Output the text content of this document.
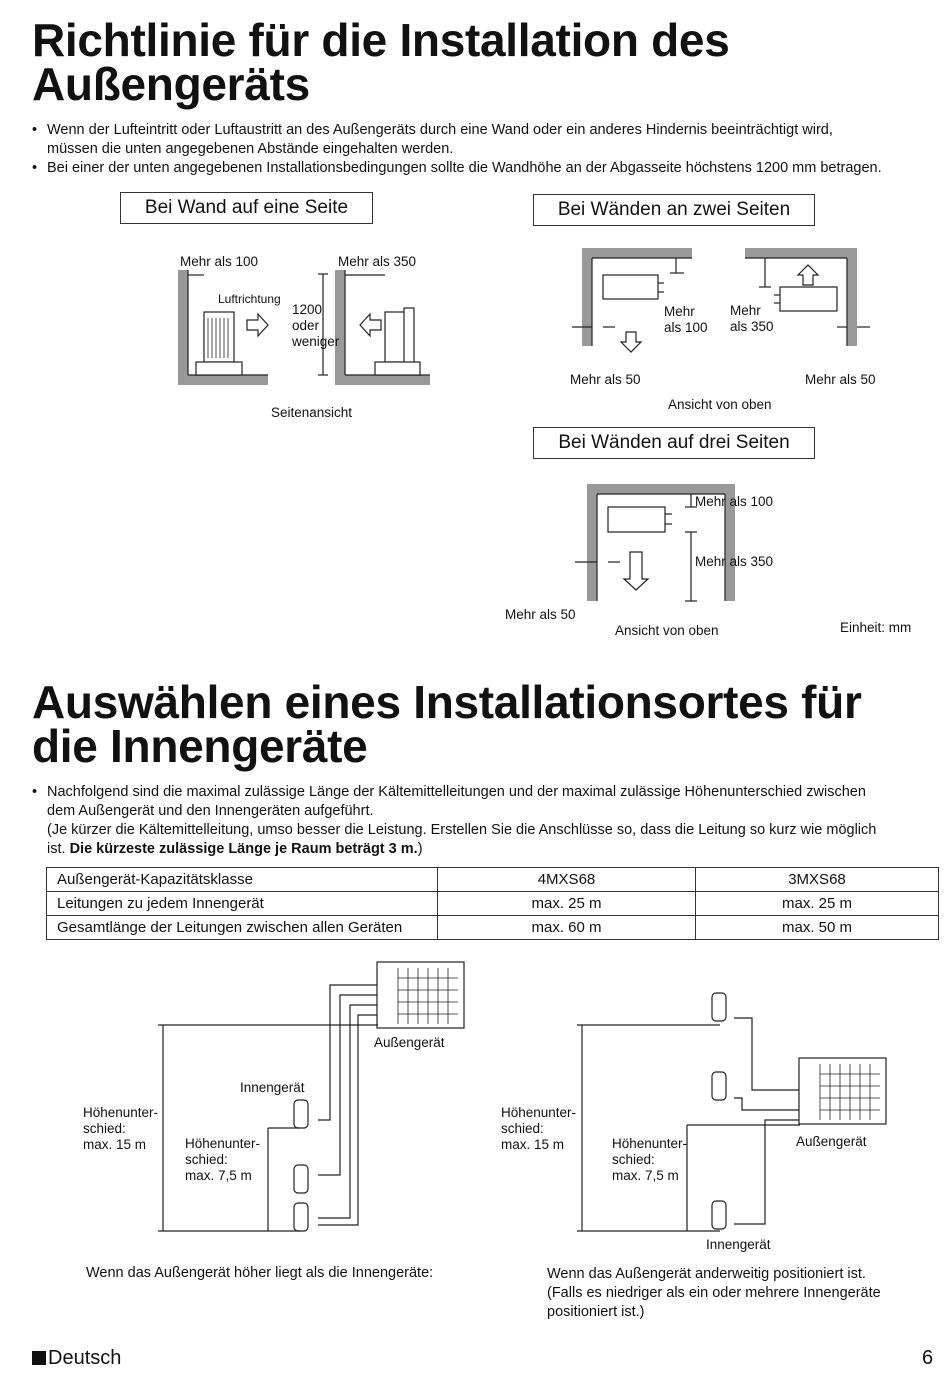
Richtlinie für die Installation des
Außengeräts
• Wenn der Lufteintritt oder Luftaustritt an des Außengeräts durch eine Wand oder ein anderes Hindernis beeinträchtigt wird,
müssen die unten angegebenen Abstände eingehalten werden.
• Bei einer der unten angegebenen Installationsbedingungen sollte die Wandhöhe an der Abgasseite höchstens 1200 mm betragen.
Bei Wand auf eine Seite	Bei Wänden an zwei Seiten
Bei Wänden auf drei Seiten
Mehr als 100	Mehr als 350
Luftrichtung
1200
oder
weniger
Seitenansicht
Mehr
als 100
Mehr
als 350
Mehr als 50	Mehr als 50
Ansicht von oben
Mehr als 100
Mehr als 350
Mehr als 50
Ansicht von oben	Einheit: mm
Auswählen eines Installationsortes für
die Innengeräte
• Nachfolgend sind die maximal zulässige Länge der Kältemittelleitungen und der maximal zulässige Höhenunterschied zwischen
dem Außengerät und den Innengeräten aufgeführt.
(Je kürzer die Kältemittelleitung, umso besser die Leistung. Erstellen Sie die Anschlüsse so, dass die Leitung so kurz wie möglich
ist. Die kürzeste zulässige Länge je Raum beträgt 3 m.)
Außengerät-Kapazitätsklasse	4MXS68	3MXS68
Leitungen zu jedem Innengerät	max. 25 m	max. 25 m
Gesamtlänge der Leitungen zwischen allen Geräten	max. 60 m	max. 50 m
Außengerät
Innengerät
Höhenunter-
schied:
max. 15 m	Höhenunter-
schied:
max. 7,5 m
Wenn das Außengerät höher liegt als die Innengeräte:
Außengerät
Innengerät
Höhenunter-
schied:
max. 15 m	Höhenunter-
schied:
max. 7,5 m
Wenn das Außengerät anderweitig positioniert ist.
(Falls es niedriger als ein oder mehrere Innengeräte
positioniert ist.)
Deutsch	6
